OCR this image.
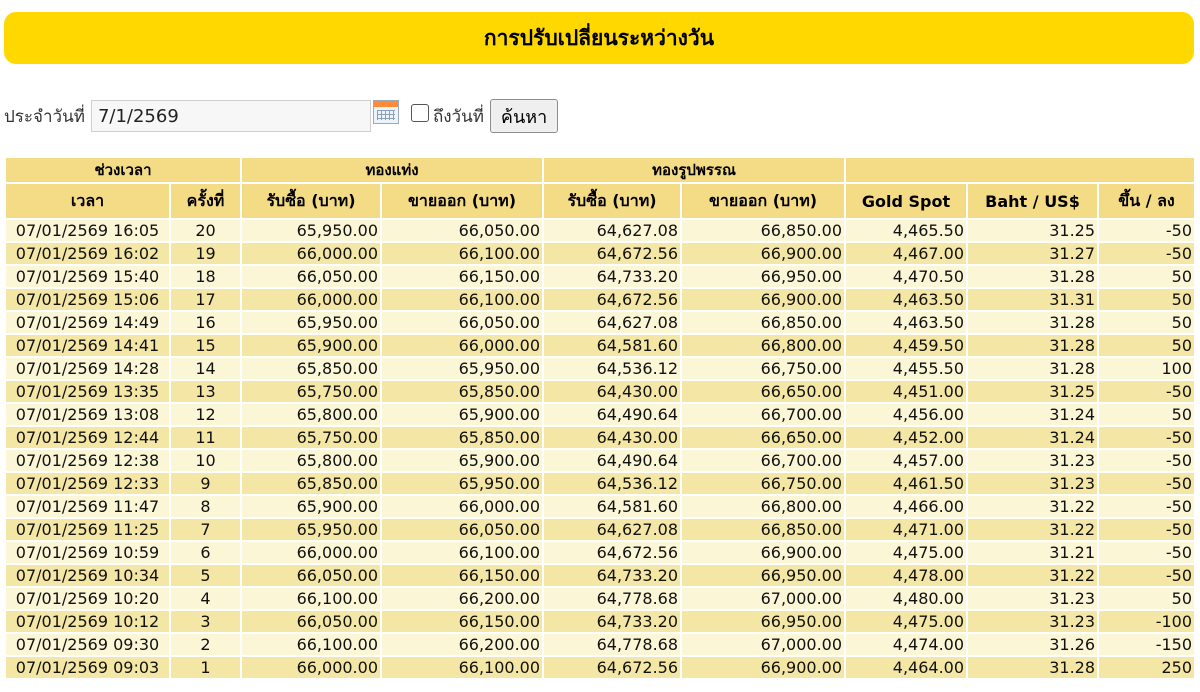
การปรับเปลี่ยนระหว่างวัน
ประจำวันที่
7/1/2569	ถึงวันที่ ค้นหา
ช่วงเวลา		ทองแท่ง		ทองรูปพรรณ				
เวลา	ครั้งที่	รับซื้อ (บาท)	ขายออก (บาท)	รับซื้อ (บาท)	ขายออก (บาท)	Gold Spot	Baht / US$	ขึ้น / ลง
07/01/2569 16:05	20	65,950.00	66,050.00	64,627.08	66,850.00	4,465.50	31.25	-50
07/01/2569 16:02	19	66,000.00	66,100.00	64,672.56	66,900.00	4,467.00	31.27	-50
07/01/2569 15:40	18	66,050.00	66,150.00	64,733.20	66,950.00	4,470.50	31.28	50
07/01/2569 15:06	17	66,000.00	66,100.00	64,672.56	66,900.00	4,463.50	31.31	50
07/01/2569 14:49	16	65,950.00	66,050.00	64,627.08	66,850.00	4,463.50	31.28	50
07/01/2569 14:41	15	65,900.00	66,000.00	64,581.60	66,800.00	4,459.50	31.28	50
07/01/2569 14:28	14	65,850.00	65,950.00	64,536.12	66,750.00	4,455.50	31.28	100
07/01/2569 13:35	13	65,750.00	65,850.00	64,430.00	66,650.00	4,451.00	31.25	-50
07/01/2569 13:08	12	65,800.00	65,900.00	64,490.64	66,700.00	4,456.00	31.24	50
07/01/2569 12:44	11	65,750.00	65,850.00	64,430.00	66,650.00	4,452.00	31.24	-50
07/01/2569 12:38	10	65,800.00	65,900.00	64,490.64	66,700.00	4,457.00	31.23	-50
07/01/2569 12:33	9	65,850.00	65,950.00	64,536.12	66,750.00	4,461.50	31.23	-50
07/01/2569 11:47	8	65,900.00	66,000.00	64,581.60	66,800.00	4,466.00	31.22	-50
07/01/2569 11:25	7	65,950.00	66,050.00	64,627.08	66,850.00	4,471.00	31.22	-50
07/01/2569 10:59	6	66,000.00	66,100.00	64,672.56	66,900.00	4,475.00	31.21	-50
07/01/2569 10:34	5	66,050.00	66,150.00	64,733.20	66,950.00	4,478.00	31.22	-50
07/01/2569 10:20	4	66,100.00	66,200.00	64,778.68	67,000.00	4,480.00	31.23	50
07/01/2569 10:12	3	66,050.00	66,150.00	64,733.20	66,950.00	4,475.00	31.23	-100
07/01/2569 09:30	2	66,100.00	66,200.00	64,778.68	67,000.00	4,474.00	31.26	-150
07/01/2569 09:03	1	66,000.00	66,100.00	64,672.56	66,900.00	4,464.00	31.28	250
